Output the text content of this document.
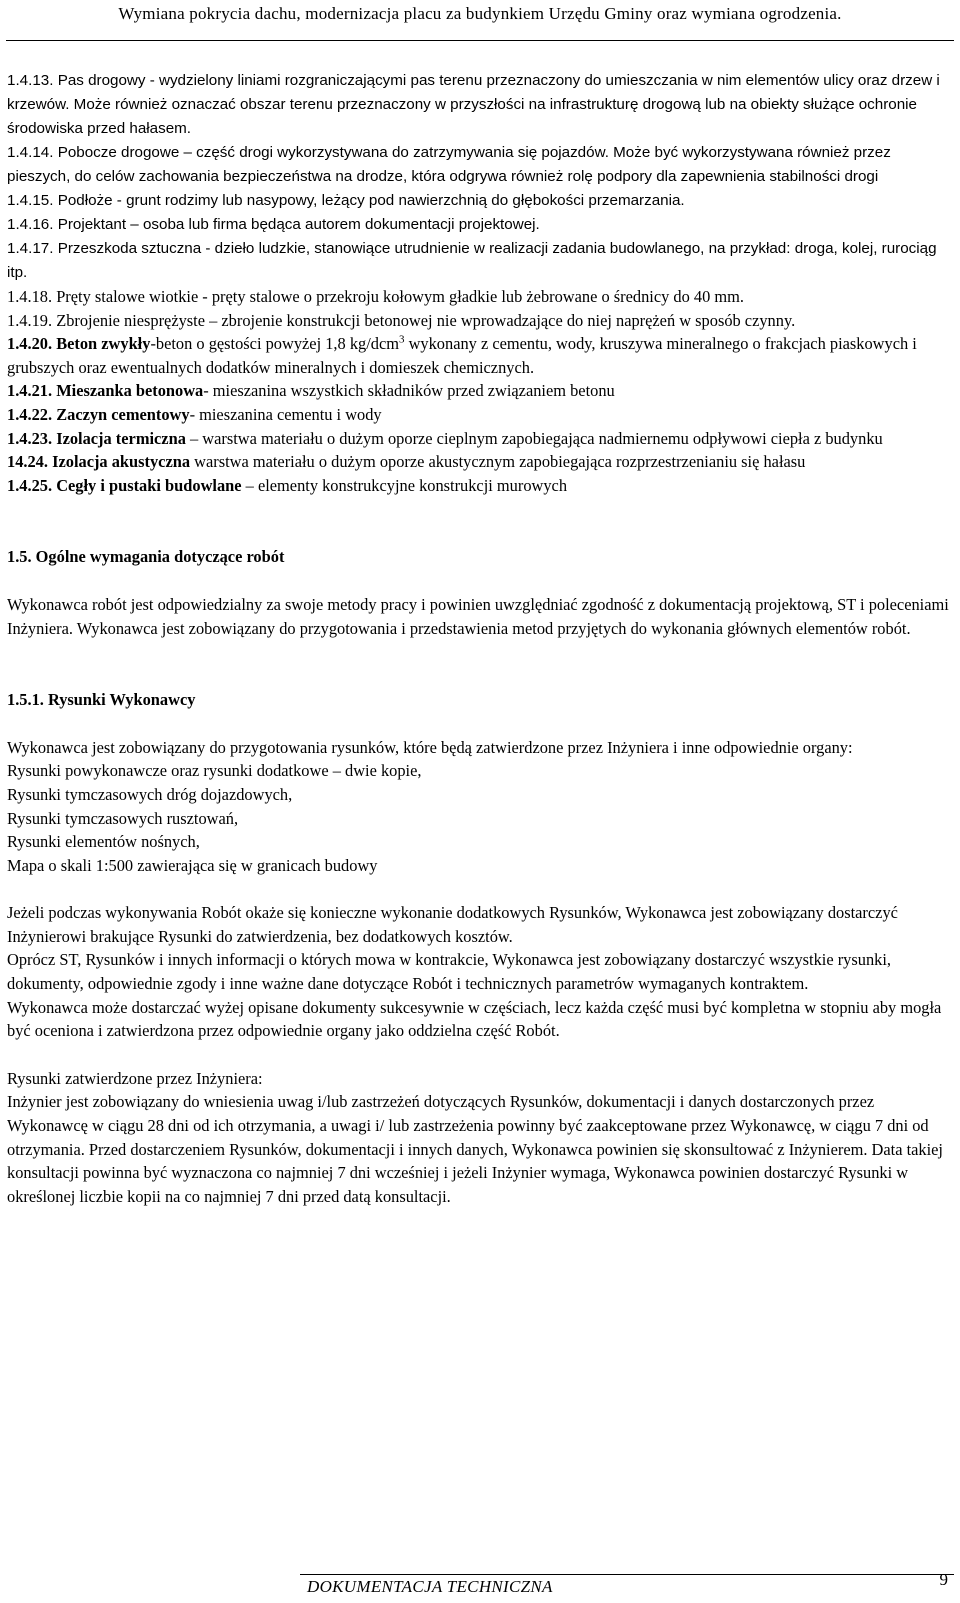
Wymiana pokrycia dachu, modernizacja placu za budynkiem Urzędu Gminy oraz wymiana ogrodzenia.

1.4.13. Pas drogowy - wydzielony liniami rozgraniczającymi pas terenu przeznaczony do umieszczania w nim elementów ulicy oraz drzew i krzewów. Może również oznaczać obszar terenu przeznaczony w przyszłości na infrastrukturę drogową lub na obiekty służące ochronie środowiska przed hałasem.

1.4.14. Pobocze drogowe – część drogi wykorzystywana do zatrzymywania się pojazdów. Może być wykorzystywana również przez pieszych, do celów zachowania bezpieczeństwa na drodze, która odgrywa również rolę podpory dla zapewnienia stabilności drogi

1.4.15. Podłoże - grunt rodzimy lub nasypowy, leżący pod nawierzchnią do głębokości przemarzania.

1.4.16. Projektant – osoba lub firma będąca autorem dokumentacji projektowej.

1.4.17. Przeszkoda sztuczna - dzieło ludzkie, stanowiące utrudnienie w realizacji zadania budowlanego, na przykład: droga, kolej, rurociąg itp.

1.4.18. Pręty stalowe wiotkie - pręty stalowe o przekroju kołowym gładkie lub żebrowane o średnicy do 40 mm.

1.4.19. Zbrojenie niesprężyste – zbrojenie konstrukcji betonowej nie wprowadzające do niej naprężeń w sposób czynny.

1.4.20. Beton zwykły-beton o gęstości powyżej 1,8 kg/dcm$^3$ wykonany z cementu, wody, kruszywa mineralnego o frakcjach piaskowych i grubszych oraz ewentualnych dodatków mineralnych i domieszek chemicznych.

1.4.21. Mieszanka betonowa- mieszanina wszystkich składników przed związaniem betonu

1.4.22. Zaczyn cementowy- mieszanina cementu i wody

1.4.23. Izolacja termiczna – warstwa materiału o dużym oporze cieplnym zapobiegająca nadmiernemu odpływowi ciepła z budynku

14.24. Izolacja akustyczna warstwa materiału o dużym oporze akustycznym zapobiegająca rozprzestrzenianiu się hałasu

1.4.25. Cegły i pustaki budowlane – elementy konstrukcyjne konstrukcji murowych

1.5. Ogólne wymagania dotyczące robót

Wykonawca robót jest odpowiedzialny za swoje metody pracy i powinien uwzględniać zgodność z dokumentacją projektową, ST i poleceniami Inżyniera. Wykonawca jest zobowiązany do przygotowania i przedstawienia metod przyjętych do wykonania głównych elementów robót.

1.5.1. Rysunki Wykonawcy

Wykonawca jest zobowiązany do przygotowania rysunków, które będą zatwierdzone przez Inżyniera i inne odpowiednie organy:

Rysunki powykonawcze oraz rysunki dodatkowe – dwie kopie,

Rysunki tymczasowych dróg dojazdowych,

Rysunki tymczasowych rusztowań,

Rysunki elementów nośnych,

Mapa o skali 1:500 zawierająca się w granicach budowy

Jeżeli podczas wykonywania Robót okaże się konieczne wykonanie dodatkowych Rysunków, Wykonawca jest zobowiązany dostarczyć Inżynierowi brakujące Rysunki do zatwierdzenia, bez dodatkowych kosztów.

Oprócz ST, Rysunków i innych informacji o których mowa w kontrakcie, Wykonawca jest zobowiązany dostarczyć wszystkie rysunki, dokumenty, odpowiednie zgody i inne ważne dane dotyczące Robót i technicznych parametrów wymaganych kontraktem.

Wykonawca może dostarczać wyżej opisane dokumenty sukcesywnie w częściach, lecz każda część musi być kompletna w stopniu aby mogła być oceniona i zatwierdzona przez odpowiednie organy jako oddzielna część Robót.

Rysunki zatwierdzone przez Inżyniera:

Inżynier jest zobowiązany do wniesienia uwag i/lub zastrzeżeń dotyczących Rysunków, dokumentacji i danych dostarczonych przez Wykonawcę w ciągu 28 dni od ich otrzymania, a uwagi i/ lub zastrzeżenia powinny być zaakceptowane przez Wykonawcę, w ciągu 7 dni od otrzymania. Przed dostarczeniem Rysunków, dokumentacji i innych danych, Wykonawca powinien się skonsultować z Inżynierem. Data takiej konsultacji powinna być wyznaczona co najmniej 7 dni wcześniej i jeżeli Inżynier wymaga, Wykonawca powinien dostarczyć Rysunki w określonej liczbie kopii na co najmniej 7 dni przed datą konsultacji.

DOKUMENTACJA TECHNICZNA	9
